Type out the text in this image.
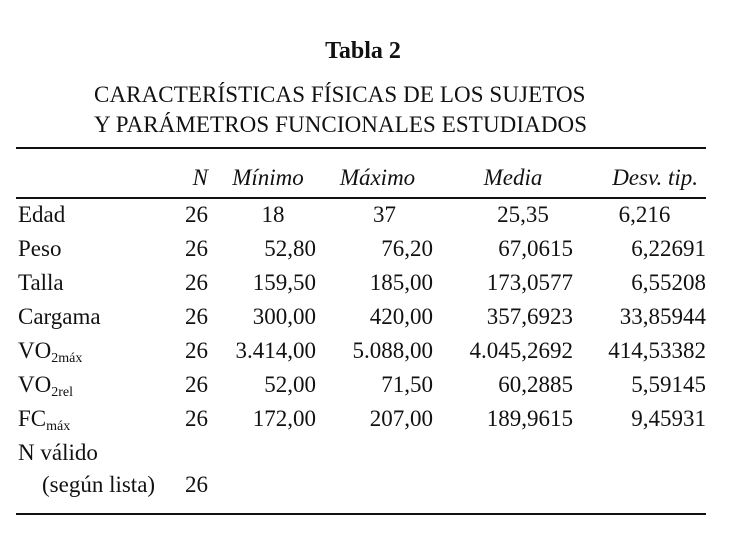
Tabla 2
CARACTERÍSTICAS FÍSICAS DE LOS SUJETOS
Y PARÁMETROS FUNCIONALES ESTUDIADOS
	N	Mínimo	Máximo	Media	Desv. tip.
Edad	26	18	37	25,35	6,216
Peso	26	52,80	76,20	67,0615	6,22691
Talla	26	159,50	185,00	173,0577	6,55208
Cargama	26	300,00	420,00	357,6923	33,85944
$VO_{2máx}$	26	3.414,00	5.088,00	4.045,2692	414,53382
$VO_{2rel}$	26	52,00	71,50	60,2885	5,59145
$FC_{máx}$	26	172,00	207,00	189,9615	9,45931
N válido					
(según lista)	26				
